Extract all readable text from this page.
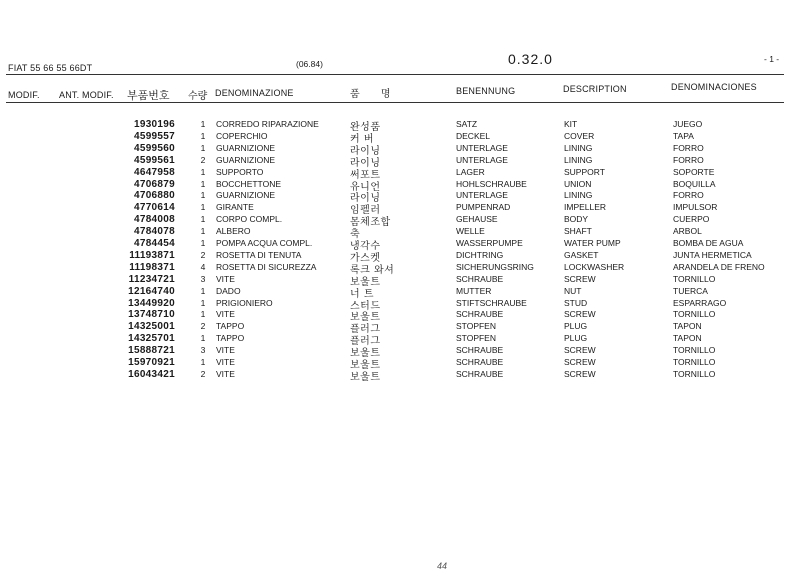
FIAT 55 66 55 66DT	(06.84)	0.32.0	- 1 -
MODIF. ANT. MODIF. 부품번호 수량 DENOMINAZIONE	품 명	BENENNUNG	DESCRIPTION	DENOMINACIONES
1930196	1	CORREDO RIPARAZIONE	완성품	SATZ	KIT	JUEGO
4599557	1	COPERCHIO	커 버	DECKEL	COVER	TAPA
4599560	1	GUARNIZIONE	라이닝	UNTERLAGE	LINING	FORRO
4599561	2	GUARNIZIONE	라이닝	UNTERLAGE	LINING	FORRO
4647958	1	SUPPORTO	써포트	LAGER	SUPPORT	SOPORTE
4706879	1	BOCCHETTONE	유니언	HOHLSCHRAUBE	UNION	BOQUILLA
4706880	1	GUARNIZIONE	라이닝	UNTERLAGE	LINING	FORRO
4770614	1	GIRANTE	임펠러	PUMPENRAD	IMPELLER	IMPULSOR
4784008	1	CORPO COMPL.	몸체조합	GEHAUSE	BODY	CUERPO
4784078	1	ALBERO	축	WELLE	SHAFT	ARBOL
4784454	1	POMPA ACQUA COMPL.	냉각수	WASSERPUMPE	WATER PUMP	BOMBA DE AGUA
11193871	2	ROSETTA DI TENUTA	가스켓	DICHTRING	GASKET	JUNTA HERMETICA
11198371	4	ROSETTA DI SICUREZZA	록크 와셔	SICHERUNGSRING	LOCKWASHER	ARANDELA DE FRENO
11234721	3	VITE	보울트	SCHRAUBE	SCREW	TORNILLO
12164740	1	DADO	너 트	MUTTER	NUT	TUERCA
13449920	1	PRIGIONIERO	스터드	STIFTSCHRAUBE	STUD	ESPARRAGO
13748710	1	VITE	보울트	SCHRAUBE	SCREW	TORNILLO
14325001	2	TAPPO	플러그	STOPFEN	PLUG	TAPON
14325701	1	TAPPO	플러그	STOPFEN	PLUG	TAPON
15888721	3	VITE	보울트	SCHRAUBE	SCREW	TORNILLO
15970921	1	VITE	보울트	SCHRAUBE	SCREW	TORNILLO
16043421	2	VITE	보울트	SCHRAUBE	SCREW	TORNILLO
44
